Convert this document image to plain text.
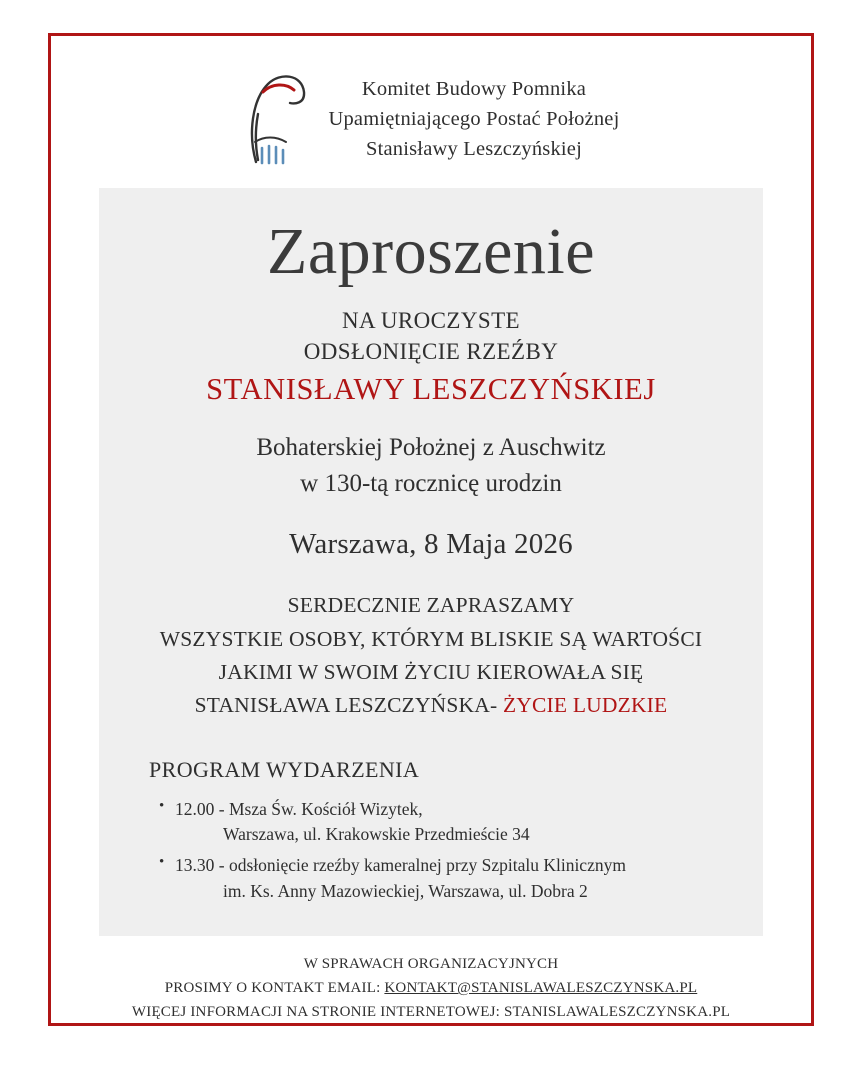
Komitet Budowy Pomnika
Upamiętniającego Postać Położnej
Stanisławy Leszczyńskiej
Zaproszenie
NA UROCZYSTE
ODSŁONIĘCIE RZEŹBY
STANISŁAWY LESZCZYŃSKIEJ
Bohaterskiej Położnej z Auschwitz
w 130-tą rocznicę urodzin
Warszawa, 8 Maja 2026
SERDECZNIE ZAPRASZAMY
WSZYSTKIE OSOBY, KTÓRYM BLISKIE SĄ WARTOŚCI
JAKIMI W SWOIM ŻYCIU KIEROWAŁA SIĘ
STANISŁAWA LESZCZYŃSKA- ŻYCIE LUDZKIE
PROGRAM WYDARZENIA
• 12.00 - Msza Św. Kościół Wizytek,
Warszawa, ul. Krakowskie Przedmieście 34
• 13.30 - odsłonięcie rzeźby kameralnej przy Szpitalu Klinicznym
im. Ks. Anny Mazowieckiej, Warszawa, ul. Dobra 2
W SPRAWACH ORGANIZACYJNYCH
PROSIMY O KONTAKT EMAIL: KONTAKT@STANISLAWALESZCZYNSKA.PL
WIĘCEJ INFORMACJI NA STRONIE INTERNETOWEJ: STANISLAWALESZCZYNSKA.PL
